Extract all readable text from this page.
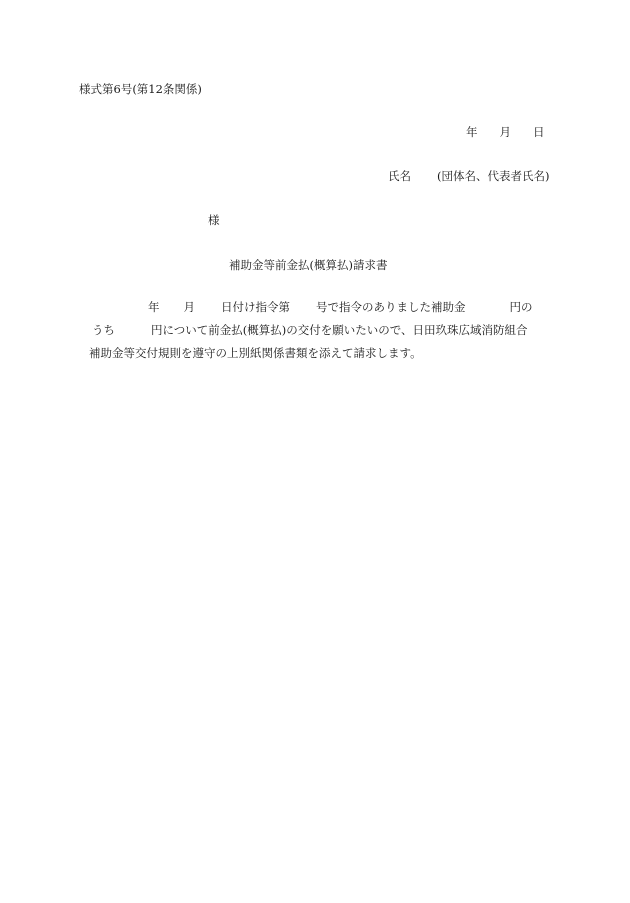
様式第6号(第12条関係)
年 月 日
氏名 (団体名、代表者氏名)
様
補助金等前金払(概算払)請求書
年 月 日付け指令第 号で指令のありました補助金	円の
うち	円について前金払(概算払)の交付を願いたいので、日田玖珠広域消防組合
補助金等交付規則を遵守の上別紙関係書類を添えて請求します。
